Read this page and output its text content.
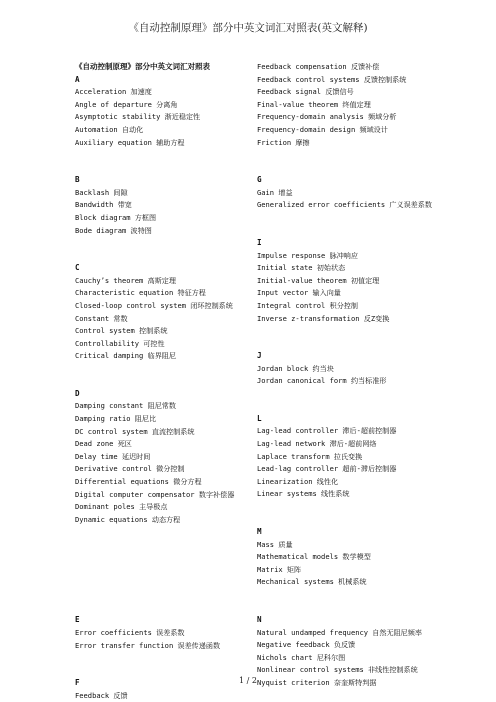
《自动控制原理》部分中英文词汇对照表(英文解释)
《自动控制原理》部分中英文词汇对照表
A
Acceleration 加速度
Angle of departure 分离角
Asymptotic stability 渐近稳定性
Automation 自动化
Auxiliary equation 辅助方程
B
Backlash 间隙
Bandwidth 带宽
Block diagram 方框图
Bode diagram 波特图
C
Cauchy’s theorem 高斯定理
Characteristic equation 特征方程
Closed-loop control system 闭环控制系统
Constant 常数
Control system 控制系统
Controllability 可控性
Critical damping 临界阻尼
D
Damping constant 阻尼常数
Damping ratio 阻尼比
DC control system 直流控制系统
Dead zone 死区
Delay time 延迟时间
Derivative control 微分控制
Differential equations 微分方程
Digital computer compensator 数字补偿器
Dominant poles 主导极点
Dynamic equations 动态方程
E
Error coefficients 误差系数
Error transfer function 误差传递函数
F
Feedback 反馈
Feedback compensation 反馈补偿
Feedback control systems 反馈控制系统
Feedback signal 反馈信号
Final-value theorem 终值定理
Frequency-domain analysis 频域分析
Frequency-domain design 频域设计
Friction 摩擦
G
Gain 增益
Generalized error coefficients 广义误差系数
I
Impulse response 脉冲响应
Initial state 初始状态
Initial-value theorem 初值定理
Input vector 输入向量
Integral control 积分控制
Inverse z-transformation 反Z变换
J
Jordan block 约当块
Jordan canonical form 约当标准形
L
Lag-lead controller 滞后-超前控制器
Lag-lead network 滞后-超前网络
Laplace transform 拉氏变换
Lead-lag controller 超前-滞后控制器
Linearization 线性化
Linear systems 线性系统
M
Mass 质量
Mathematical models 数学模型
Matrix 矩阵
Mechanical systems 机械系统
N
Natural undamped frequency 自然无阻尼频率
Negative feedback 负反馈
Nichols chart 尼科尔图
Nonlinear control systems 非线性控制系统
Nyquist criterion 奈奎斯特判据
1 / 2
